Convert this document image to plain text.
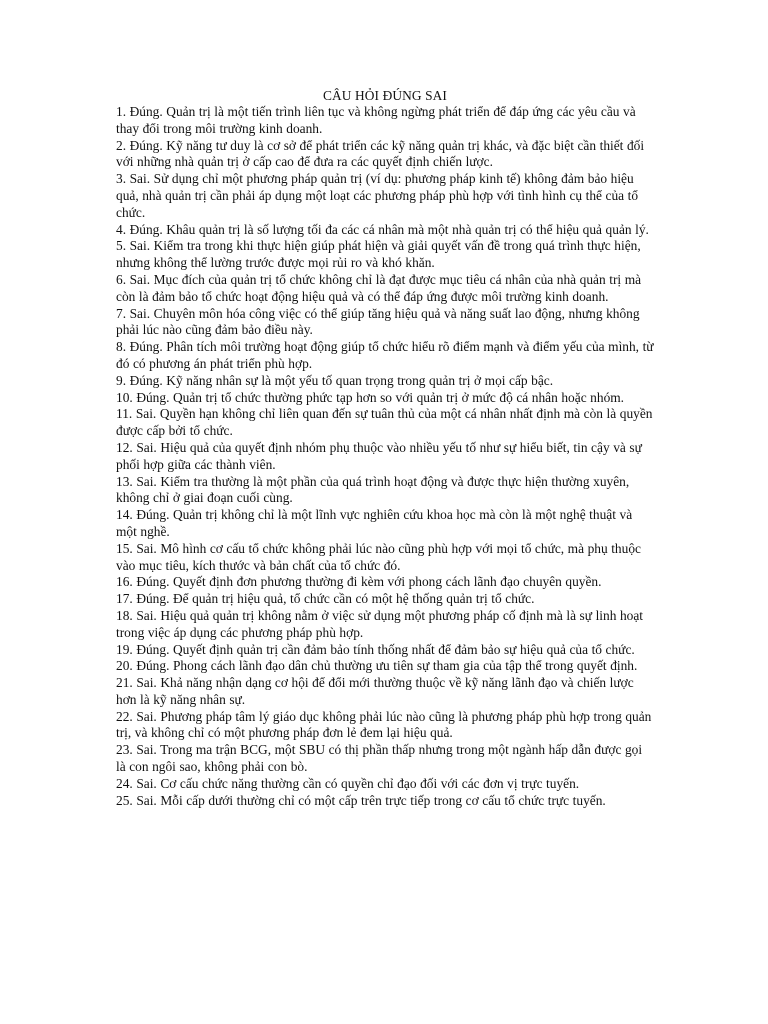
CÂU HỎI ĐÚNG SAI
1. Đúng. Quản trị là một tiến trình liên tục và không ngừng phát triển để đáp ứng các yêu cầu và thay đổi trong môi trường kinh doanh.
2. Đúng. Kỹ năng tư duy là cơ sở để phát triển các kỹ năng quản trị khác, và đặc biệt cần thiết đối với những nhà quản trị ở cấp cao để đưa ra các quyết định chiến lược.
3. Sai. Sử dụng chỉ một phương pháp quản trị (ví dụ: phương pháp kinh tế) không đảm bảo hiệu quả, nhà quản trị cần phải áp dụng một loạt các phương pháp phù hợp với tình hình cụ thể của tổ chức.
4. Đúng. Khâu quản trị là số lượng tối đa các cá nhân mà một nhà quản trị có thể hiệu quả quản lý.
5. Sai. Kiểm tra trong khi thực hiện giúp phát hiện và giải quyết vấn đề trong quá trình thực hiện, nhưng không thể lường trước được mọi rủi ro và khó khăn.
6. Sai. Mục đích của quản trị tổ chức không chỉ là đạt được mục tiêu cá nhân của nhà quản trị mà còn là đảm bảo tổ chức hoạt động hiệu quả và có thể đáp ứng được môi trường kinh doanh.
7. Sai. Chuyên môn hóa công việc có thể giúp tăng hiệu quả và năng suất lao động, nhưng không phải lúc nào cũng đảm bảo điều này.
8. Đúng. Phân tích môi trường hoạt động giúp tổ chức hiểu rõ điểm mạnh và điểm yếu của mình, từ đó có phương án phát triển phù hợp.
9. Đúng. Kỹ năng nhân sự là một yếu tố quan trọng trong quản trị ở mọi cấp bậc.
10. Đúng. Quản trị tổ chức thường phức tạp hơn so với quản trị ở mức độ cá nhân hoặc nhóm.
11. Sai. Quyền hạn không chỉ liên quan đến sự tuân thủ của một cá nhân nhất định mà còn là quyền được cấp bởi tổ chức.
12. Sai. Hiệu quả của quyết định nhóm phụ thuộc vào nhiều yếu tố như sự hiểu biết, tin cậy và sự phối hợp giữa các thành viên.
13. Sai. Kiểm tra thường là một phần của quá trình hoạt động và được thực hiện thường xuyên, không chỉ ở giai đoạn cuối cùng.
14. Đúng. Quản trị không chỉ là một lĩnh vực nghiên cứu khoa học mà còn là một nghệ thuật và một nghề.
15. Sai. Mô hình cơ cấu tổ chức không phải lúc nào cũng phù hợp với mọi tổ chức, mà phụ thuộc vào mục tiêu, kích thước và bản chất của tổ chức đó.
16. Đúng. Quyết định đơn phương thường đi kèm với phong cách lãnh đạo chuyên quyền.
17. Đúng. Để quản trị hiệu quả, tổ chức cần có một hệ thống quản trị tổ chức.
18. Sai. Hiệu quả quản trị không nằm ở việc sử dụng một phương pháp cố định mà là sự linh hoạt trong việc áp dụng các phương pháp phù hợp.
19. Đúng. Quyết định quản trị cần đảm bảo tính thống nhất để đảm bảo sự hiệu quả của tổ chức.
20. Đúng. Phong cách lãnh đạo dân chủ thường ưu tiên sự tham gia của tập thể trong quyết định.
21. Sai. Khả năng nhận dạng cơ hội để đổi mới thường thuộc về kỹ năng lãnh đạo và chiến lược hơn là kỹ năng nhân sự.
22. Sai. Phương pháp tâm lý giáo dục không phải lúc nào cũng là phương pháp phù hợp trong quản trị, và không chỉ có một phương pháp đơn lẻ đem lại hiệu quả.
23. Sai. Trong ma trận BCG, một SBU có thị phần thấp nhưng trong một ngành hấp dẫn được gọi là con ngôi sao, không phải con bò.
24. Sai. Cơ cấu chức năng thường cần có quyền chỉ đạo đối với các đơn vị trực tuyến.
25. Sai. Mỗi cấp dưới thường chỉ có một cấp trên trực tiếp trong cơ cấu tổ chức trực tuyến.
